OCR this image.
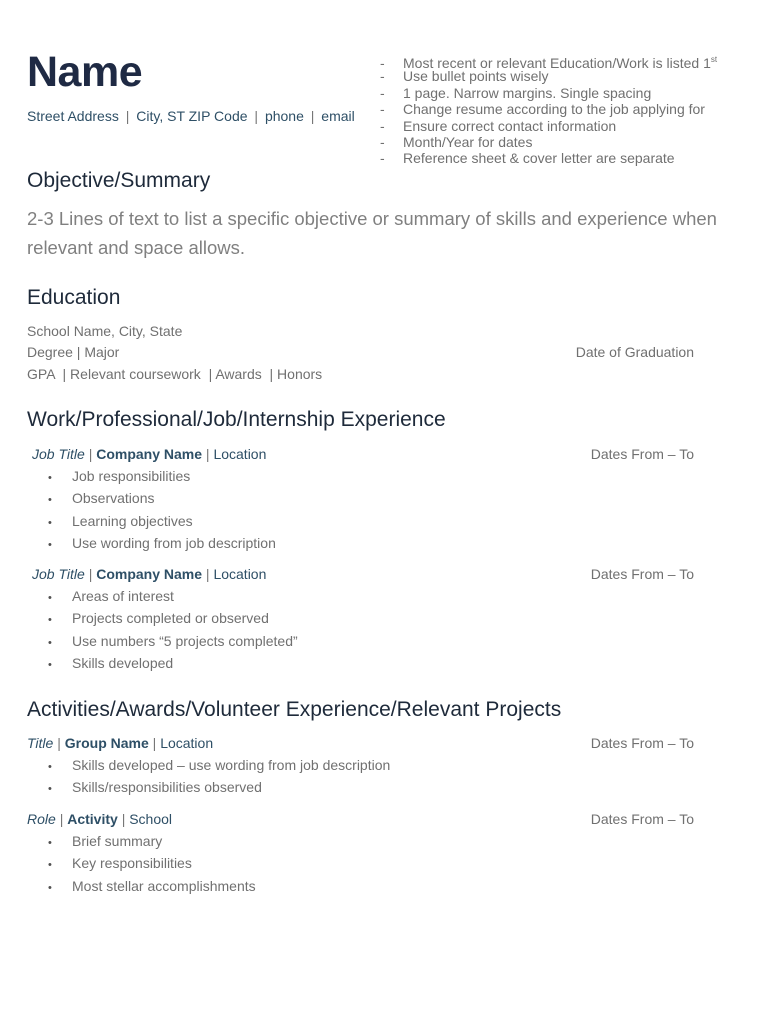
Name
Street Address | City, ST ZIP Code | phone | email
- Most recent or relevant Education/Work is listed 1st
- Use bullet points wisely
- 1 page. Narrow margins. Single spacing
- Change resume according to the job applying for
- Ensure correct contact information
- Month/Year for dates
- Reference sheet & cover letter are separate
Objective/Summary
2-3 Lines of text to list a specific objective or summary of skills and experience when relevant and space allows.
Education
School Name, City, State
Degree | Major	Date of Graduation
GPA  | Relevant coursework  | Awards  | Honors
Work/Professional/Job/Internship Experience
Job Title | Company Name | Location	Dates From – To
• Job responsibilities
• Observations
• Learning objectives
• Use wording from job description
Job Title | Company Name | Location	Dates From – To
• Areas of interest
• Projects completed or observed
• Use numbers “5 projects completed”
• Skills developed
Activities/Awards/Volunteer Experience/Relevant Projects
Title | Group Name | Location	Dates From – To
• Skills developed – use wording from job description
• Skills/responsibilities observed
Role | Activity | School	Dates From – To
• Brief summary
• Key responsibilities
• Most stellar accomplishments
